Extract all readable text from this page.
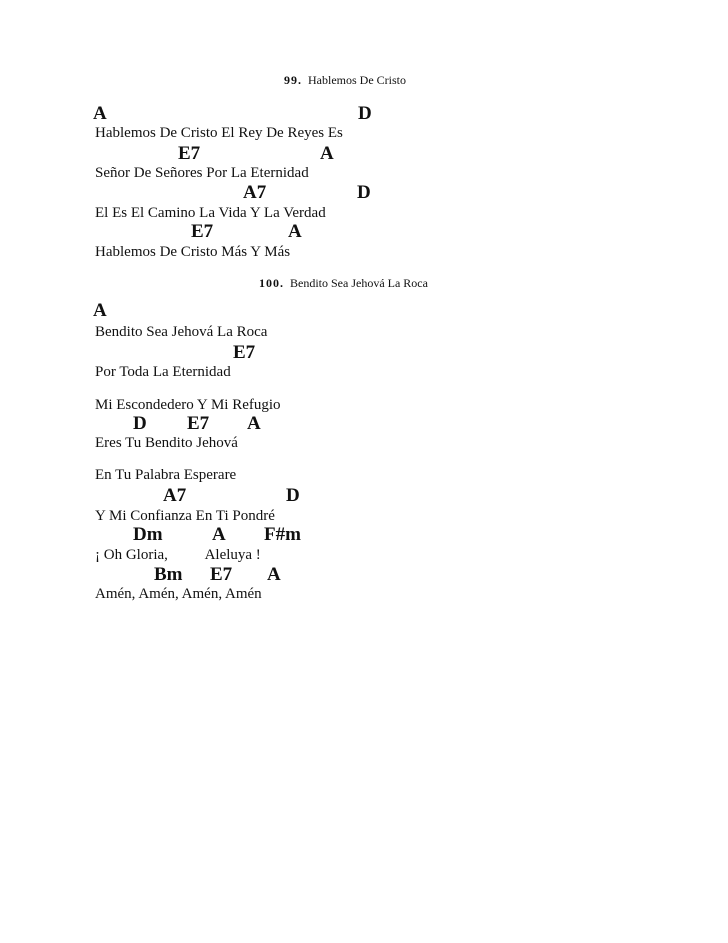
99. Hablemos De Cristo
A	D
Hablemos De Cristo El Rey De Reyes Es
E7	A
Señor De Señores Por La Eternidad
A7	D
El Es El Camino La Vida Y La Verdad
E7	A
Hablemos De Cristo Más Y Más
100. Bendito Sea Jehová La Roca
A
Bendito Sea Jehová La Roca
E7
Por Toda La Eternidad
Mi Escondedero Y Mi Refugio
D E7 A
Eres Tu Bendito Jehová
En Tu Palabra Esperare
A7	D
Y Mi Confianza En Ti Pondré
Dm	A F#m
¡ Oh Gloria,          Aleluya !
Bm E7 A
Amén, Amén, Amén, Amén
